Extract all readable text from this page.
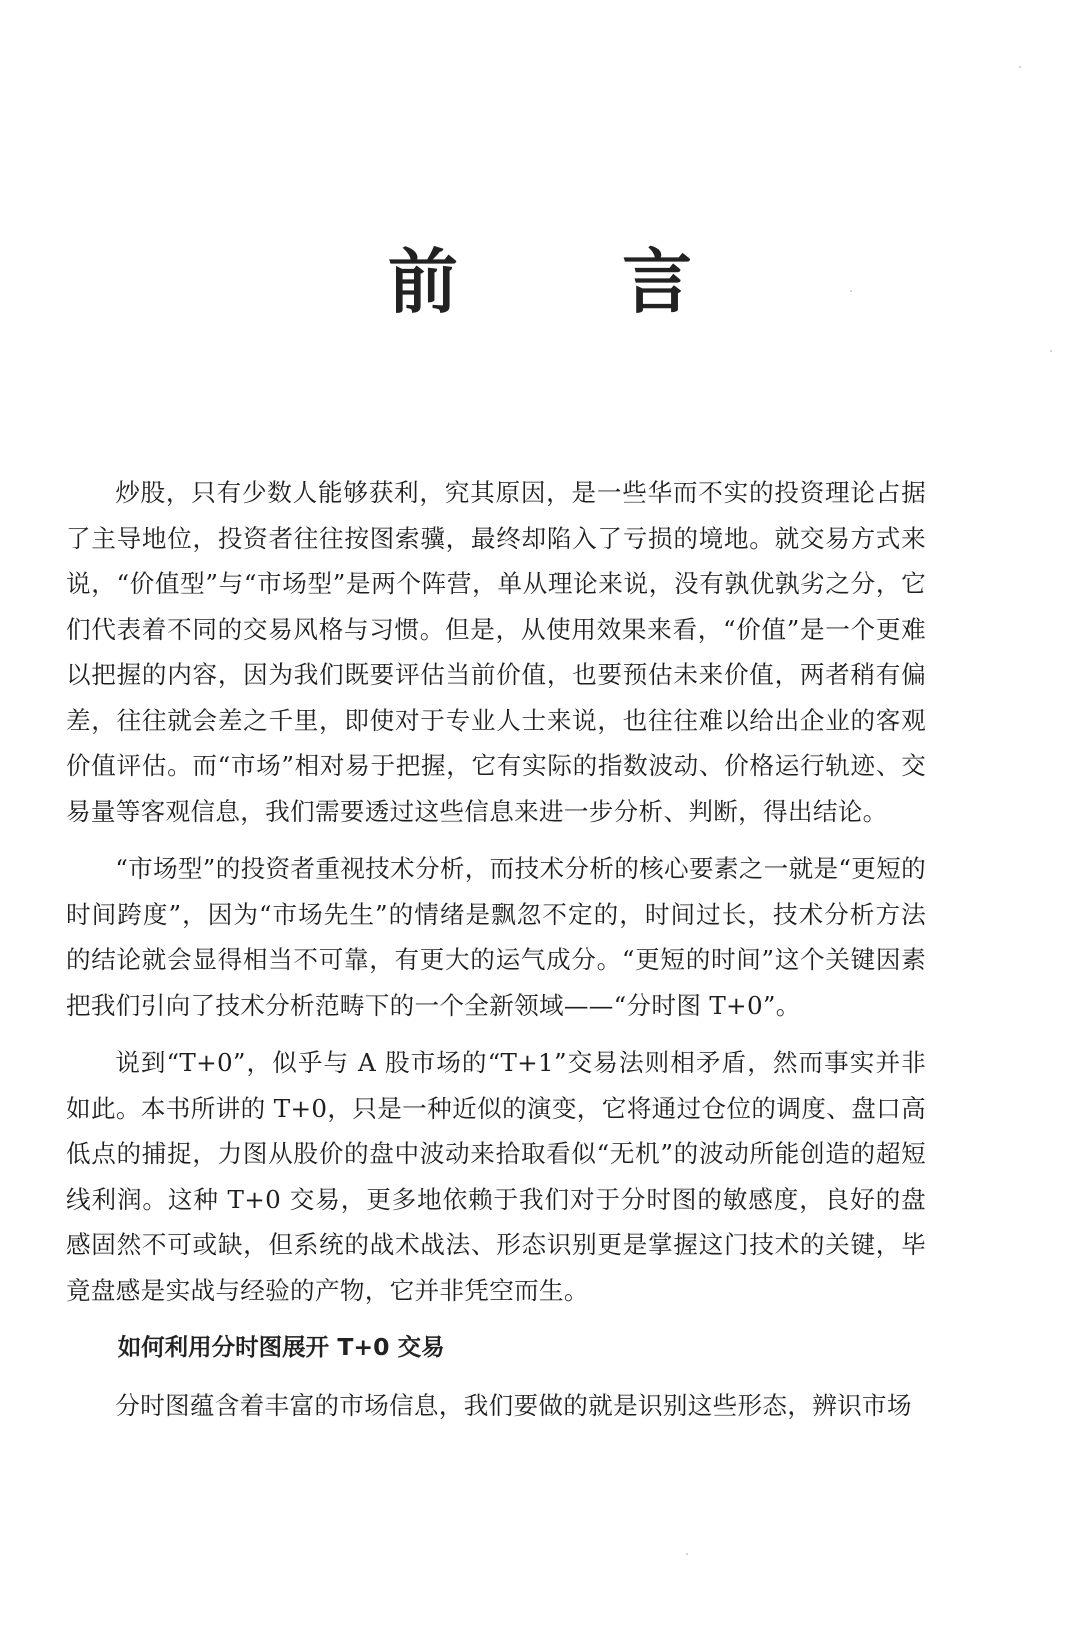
前 言

炒股，只有少数人能够获利，究其原因，是一些华而不实的投资理论占据了主导地位，投资者往往按图索骥，最终却陷入了亏损的境地。就交易方式来说，“价值型”与“市场型”是两个阵营，单从理论来说，没有孰优孰劣之分，它们代表着不同的交易风格与习惯。但是，从使用效果来看，“价值”是一个更难以把握的内容，因为我们既要评估当前价值，也要预估未来价值，两者稍有偏差，往往就会差之千里，即使对于专业人士来说，也往往难以给出企业的客观价值评估。而“市场”相对易于把握，它有实际的指数波动、价格运行轨迹、交易量等客观信息，我们需要透过这些信息来进一步分析、判断，得出结论。

“市场型”的投资者重视技术分析，而技术分析的核心要素之一就是“更短的时间跨度”，因为“市场先生”的情绪是飘忽不定的，时间过长，技术分析方法的结论就会显得相当不可靠，有更大的运气成分。“更短的时间”这个关键因素把我们引向了技术分析范畴下的一个全新领域——“分时图 T+0”。

说到“T+0”，似乎与 A 股市场的“T+1”交易法则相矛盾，然而事实并非如此。本书所讲的 T+0，只是一种近似的演变，它将通过仓位的调度、盘口高低点的捕捉，力图从股价的盘中波动来拾取看似“无机”的波动所能创造的超短线利润。这种 T+0 交易，更多地依赖于我们对于分时图的敏感度，良好的盘感固然不可或缺，但系统的战术战法、形态识别更是掌握这门技术的关键，毕竟盘感是实战与经验的产物，它并非凭空而生。

如何利用分时图展开 T+0 交易

分时图蕴含着丰富的市场信息，我们要做的就是识别这些形态，辨识市场
